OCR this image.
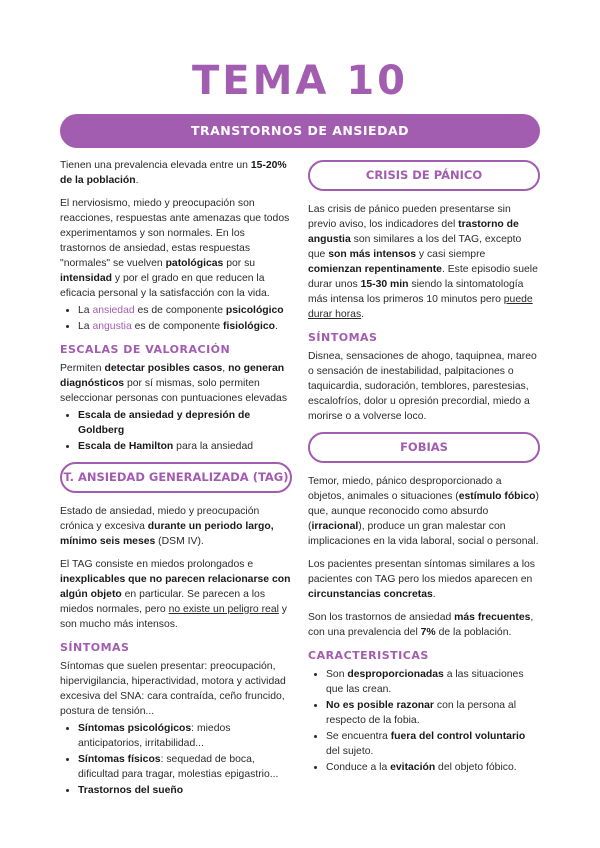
TEMA 10
TRANSTORNOS DE ANSIEDAD

Tienen una prevalencia elevada entre un 15-20% de la población.

El nerviosismo, miedo y preocupación son reacciones, respuestas ante amenazas que todos experimentamos y son normales. En los trastornos de ansiedad, estas respuestas "normales" se vuelven patológicas por su intensidad y por el grado en que reducen la eficacia personal y la satisfacción con la vida.

• La ansiedad es de componente psicológico
• La angustia es de componente fisiológico.

ESCALAS DE VALORACIÓN

Permiten detectar posibles casos, no generan diagnósticos por sí mismas, solo permiten seleccionar personas con puntuaciones elevadas

• Escala de ansiedad y depresión de Goldberg
• Escala de Hamilton para la ansiedad
T. ANSIEDAD GENERALIZADA (TAG)

Estado de ansiedad, miedo y preocupación crónica y excesiva durante un periodo largo, mínimo seis meses (DSM IV).

El TAG consiste en miedos prolongados e inexplicables que no parecen relacionarse con algún objeto en particular. Se parecen a los miedos normales, pero no existe un peligro real y son mucho más intensos.

SÍNTOMAS

Síntomas que suelen presentar: preocupación, hipervigilancia, hiperactividad, motora y actividad excesiva del SNA: cara contraída, ceño fruncido, postura de tensión...

• Síntomas psicológicos: miedos anticipatorios, irritabilidad...
• Síntomas físicos: sequedad de boca, dificultad para tragar, molestias epigastrio...
• Trastornos del sueño
CRISIS DE PÁNICO

Las crisis de pánico pueden presentarse sin previo aviso, los indicadores del trastorno de angustia son similares a los del TAG, excepto que son más intensos y casi siempre comienzan repentinamente. Este episodio suele durar unos 15-30 min siendo la sintomatología más intensa los primeros 10 minutos pero puede durar horas.

SÍNTOMAS

Disnea, sensaciones de ahogo, taquipnea, mareo o sensación de inestabilidad, palpitaciones o taquicardia, sudoración, temblores, parestesias, escalofríos, dolor u opresión precordial, miedo a morirse o a volverse loco.

FOBIAS

Temor, miedo, pánico desproporcionado a objetos, animales o situaciones (estímulo fóbico) que, aunque reconocido como absurdo (irracional), produce un gran malestar con implicaciones en la vida laboral, social o personal.

Los pacientes presentan síntomas similares a los pacientes con TAG pero los miedos aparecen en circunstancias concretas.

Son los trastornos de ansiedad más frecuentes, con una prevalencia del 7% de la población.

CARACTERISTICAS
• Son desproporcionadas a las situaciones que las crean.
• No es posible razonar con la persona al respecto de la fobia.
• Se encuentra fuera del control voluntario del sujeto.
• Conduce a la evitación del objeto fóbico.
